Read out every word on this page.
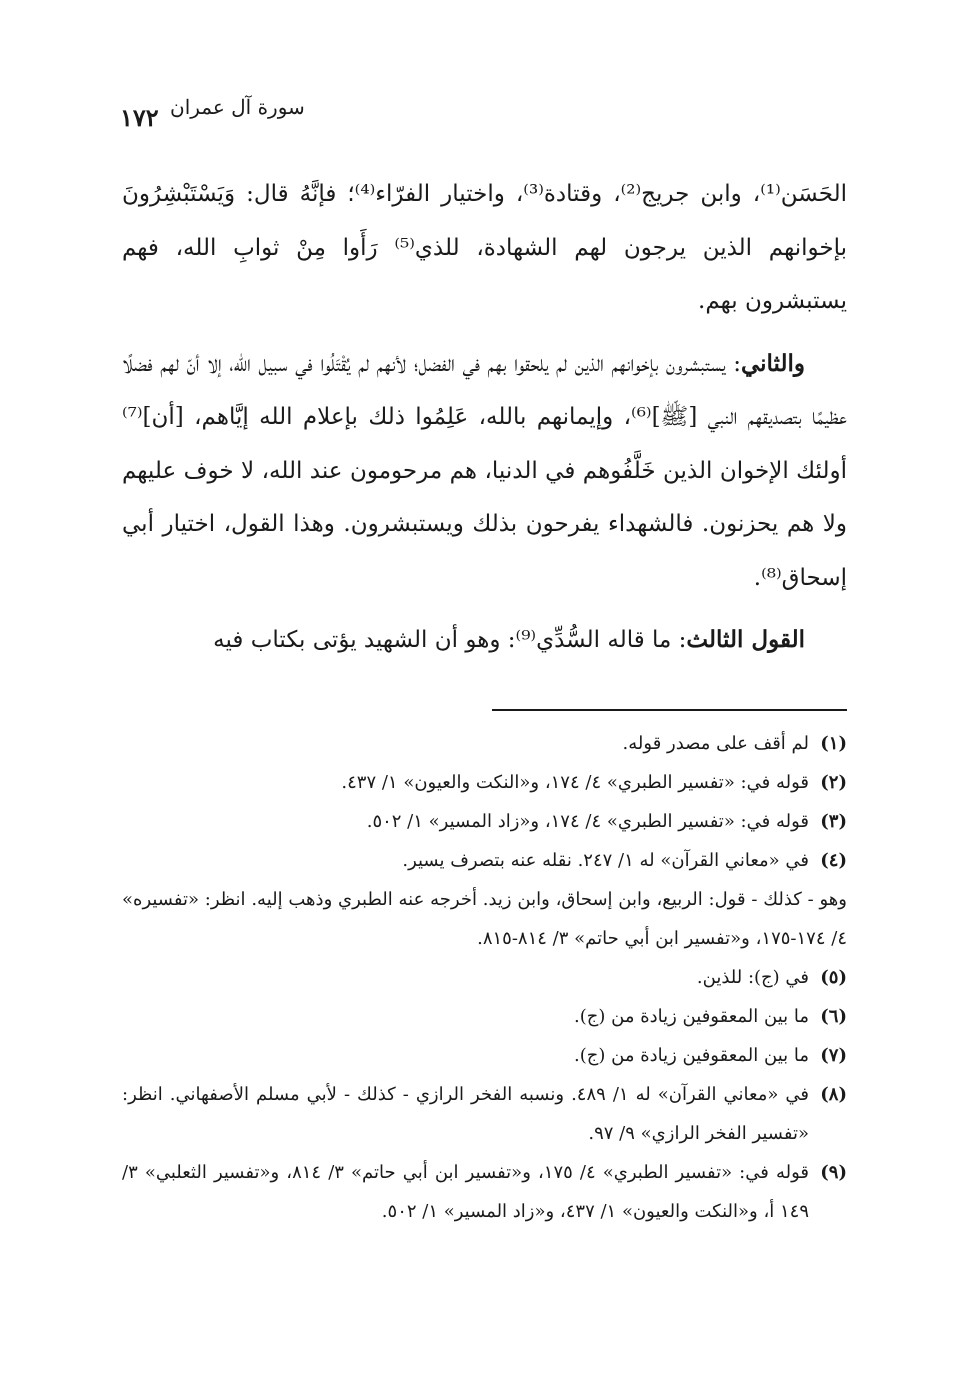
سورة آل عمران
١٧٢

الحَسَن⁽¹⁾، وابن جريج⁽²⁾، وقتادة⁽³⁾، واختيار الفرّاء⁽⁴⁾؛ فإنَّهُ قال: وَيَسْتَبْشِرُونَ بإخوانهم الذين يرجون لهم الشهادة، للذي⁽⁵⁾ رَأَوا مِنْ ثوابِ الله، فهم يستبشرون بهم.

والثاني: يستبشرون بإخوانهم الذين لم يلحقوا بهم في الفضل؛ لأنهم لم يُقْتَلُوا في سبيل الله، إلا أنّ لهم فضلًا عظيمًا بتصديقهم النبي [ﷺ]⁽⁶⁾، وإيمانهم بالله، عَلِمُوا ذلك بإعلام الله إيَّاهم، [أن]⁽⁷⁾ أولئك الإخوان الذين خَلَّفُوهم في الدنيا، هم مرحومون عند الله، لا خوف عليهم ولا هم يحزنون. فالشهداء يفرحون بذلك ويستبشرون. وهذا القول، اختيار أبي إسحاق⁽⁸⁾.

القول الثالث: ما قاله السُّدِّي⁽⁹⁾: وهو أن الشهيد يؤتى بكتاب فيه

(١)
لم أقف على مصدر قوله.
(٢)
قوله في: «تفسير الطبري» ٤/ ١٧٤، و«النكت والعيون» ١/ ٤٣٧.
(٣)
قوله في: «تفسير الطبري» ٤/ ١٧٤، و«زاد المسير» ١/ ٥٠٢.
(٤)
في «معاني القرآن» له ١/ ٢٤٧. نقله عنه بتصرف يسير.
وهو - كذلك - قول: الربيع، وابن إسحاق، وابن زيد. أخرجه عنه الطبري وذهب إليه. انظر: «تفسيره» ٤/ ١٧٤-١٧٥، و«تفسير ابن أبي حاتم» ٣/ ٨١٤-٨١٥.
(٥)
في (ج): للذين.
(٦)
ما بين المعقوفين زيادة من (ج).
(٧)
ما بين المعقوفين زيادة من (ج).
(٨)
في «معاني القرآن» له ١/ ٤٨٩. ونسبه الفخر الرازي - كذلك - لأبي مسلم الأصفهاني. انظر: «تفسير الفخر الرازي» ٩/ ٩٧.
(٩)
قوله في: «تفسير الطبري» ٤/ ١٧٥، و«تفسير ابن أبي حاتم» ٣/ ٨١٤، و«تفسير الثعلبي» ٣/ ١٤٩ أ، و«النكت والعيون» ١/ ٤٣٧، و«زاد المسير» ١/ ٥٠٢.
